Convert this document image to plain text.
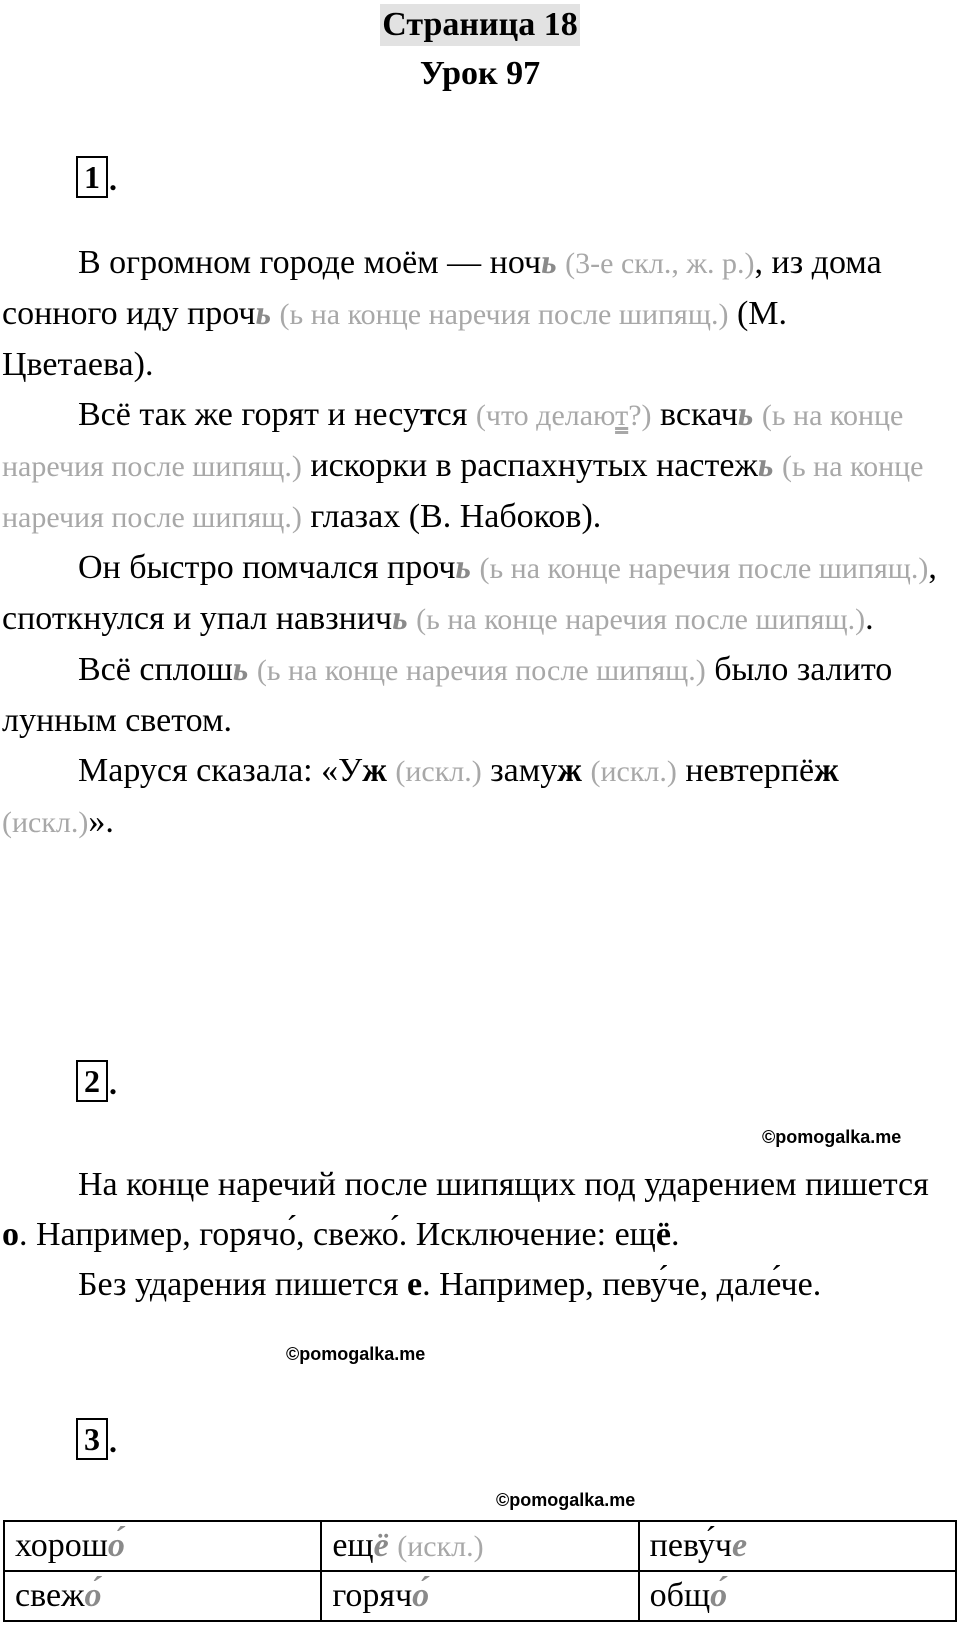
Страница 18
Урок 97
1 .

В огромном городе моём — ночь (3-е скл., ж. р.), из дома сонного иду прочь (ь на конце наречия после шипящ.) (М. Цветаева).

Всё так же горят и несутся (что делают?) вскачь (ь на конце наречия после шипящ.) искорки в распахнутых настежь (ь на конце наречия после шипящ.) глазах (В. Набоков).

Он быстро помчался прочь (ь на конце наречия после шипящ.), споткнулся и упал навзничь (ь на конце наречия после шипящ.).

Всё сплошь (ь на конце наречия после шипящ.) было залито лунным светом.

Маруся сказала: «Уж (искл.) замуж (искл.) невтерпёж (искл.)».

2 .
©pomogalka.me

На конце наречий после шипящих под ударением пишется о. Например, горячо́, свежо́. Исключение: ещё.

Без ударения пишется е. Например, певу́че, дале́че.

©pomogalka.me
3 .
©pomogalka.me
хорошо́	ещё (искл.)	певу́че
свежо́	горячо́	общо́
